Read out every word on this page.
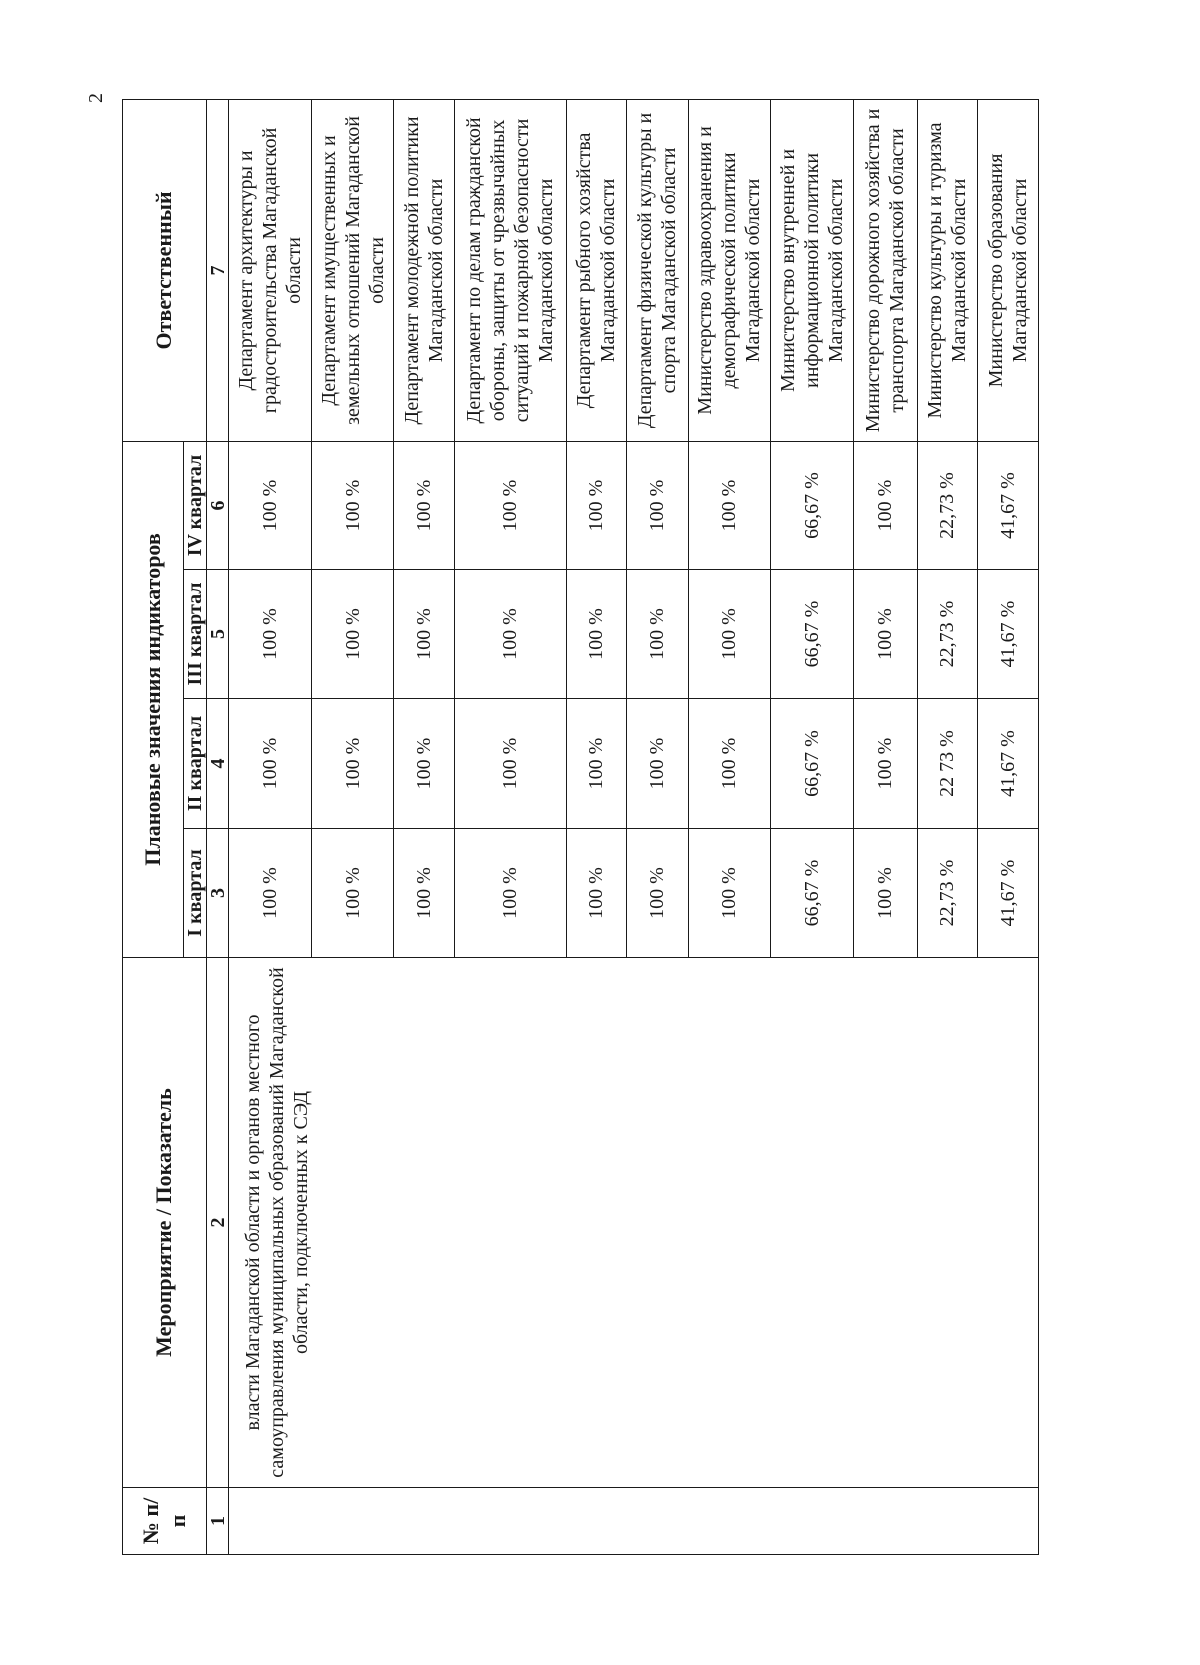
2
№ п/п	Мероприятие / Показатель	Плановые значения индикаторов				Ответственный
		I квартал	II квартал	III квартал	IV квартал	
1	2	3	4	5	6	7

	власти Магаданской области и органов местного самоуправления муниципальных образований Магаданской области, подключенных к СЭД	100 %	100 %	100 %	100 %	Департамент архитектуры и градостроительства Магаданской области
		100 %	100 %	100 %	100 %	Департамент имущественных и земельных отношений Магаданской области
		100 %	100 %	100 %	100 %	Департамент молодежной политики Магаданской области
		100 %	100 %	100 %	100 %	Департамент по делам гражданской обороны, защиты от чрезвычайных ситуаций и пожарной безопасности Магаданской области
		100 %	100 %	100 %	100 %	Департамент рыбного хозяйства Магаданской области
		100 %	100 %	100 %	100 %	Департамент физической культуры и спорта Магаданской области
		100 %	100 %	100 %	100 %	Министерство здравоохранения и демографической политики Магаданской области
		66,67 %	66,67 %	66,67 %	66,67 %	Министерство внутренней и информационной политики Магаданской области
		100 %	100 %	100 %	100 %	Министерство дорожного хозяйства и транспорта Магаданской области
		22,73 %	22 73 %	22,73 %	22,73 %	Министерство культуры и туризма Магаданской области
		41,67 %	41,67 %	41,67 %	41,67 %	Министерство образования Магаданской области
